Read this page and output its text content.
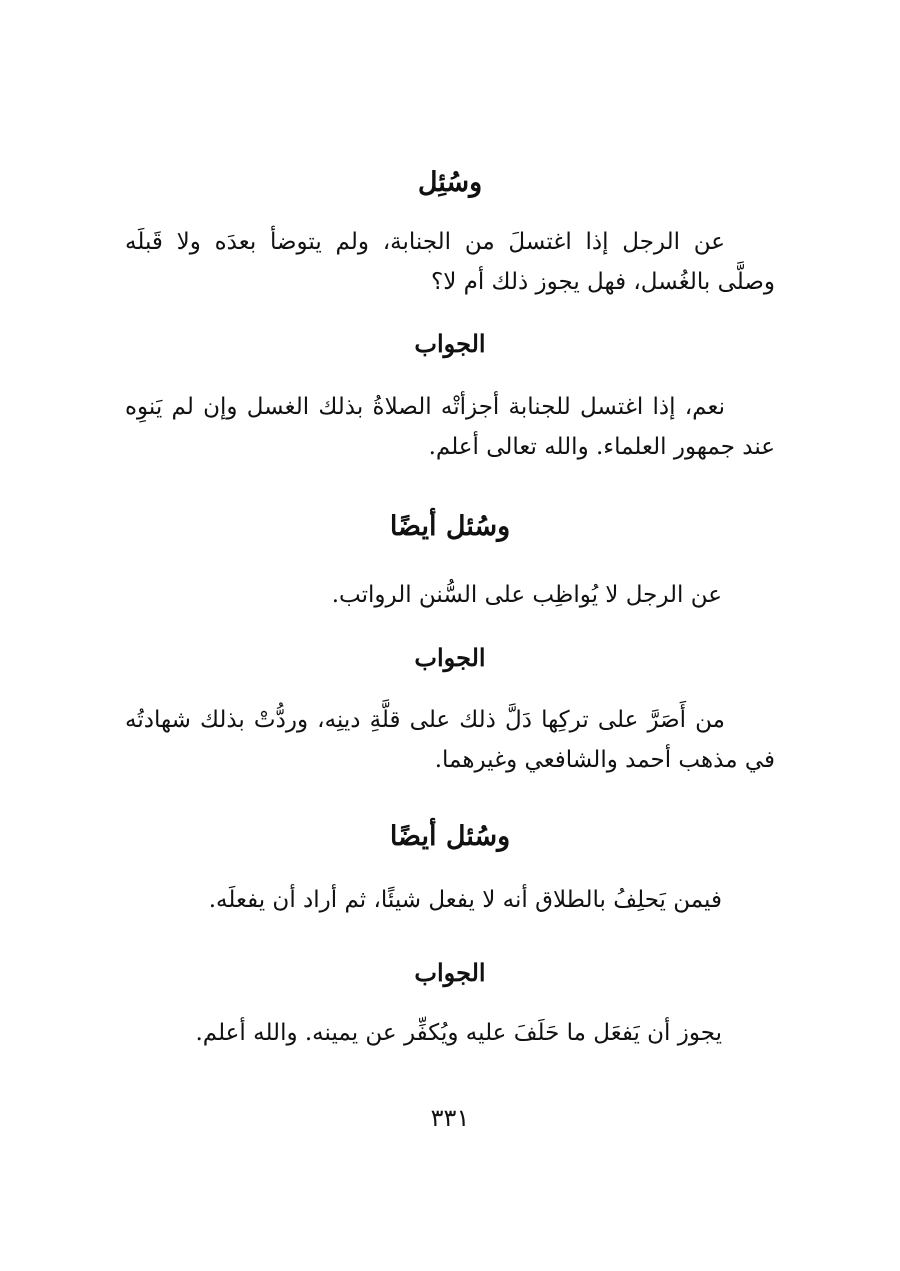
وسُئِل
عن الرجل إذا اغتسلَ من الجنابة، ولم يتوضأ بعدَه ولا قَبلَه وصلَّى بالغُسل، فهل يجوز ذلك أم لا؟
الجواب
نعم، إذا اغتسل للجنابة أجزأتْه الصلاةُ بذلك الغسل وإن لم يَنوِه عند جمهور العلماء. والله تعالى أعلم.
وسُئل أيضًا
عن الرجل لا يُواظِب على السُّنن الرواتب.
الجواب
من أَصَرَّ على تركِها دَلَّ ذلك على قلَّةِ دينِه، وردُّتْ بذلك شهادتُه في مذهب أحمد والشافعي وغيرهما.
وسُئل أيضًا
فيمن يَحلِفُ بالطلاق أنه لا يفعل شيئًا، ثم أراد أن يفعلَه.
الجواب
يجوز أن يَفعَل ما حَلَفَ عليه ويُكفِّر عن يمينه. والله أعلم.
٣٣١
